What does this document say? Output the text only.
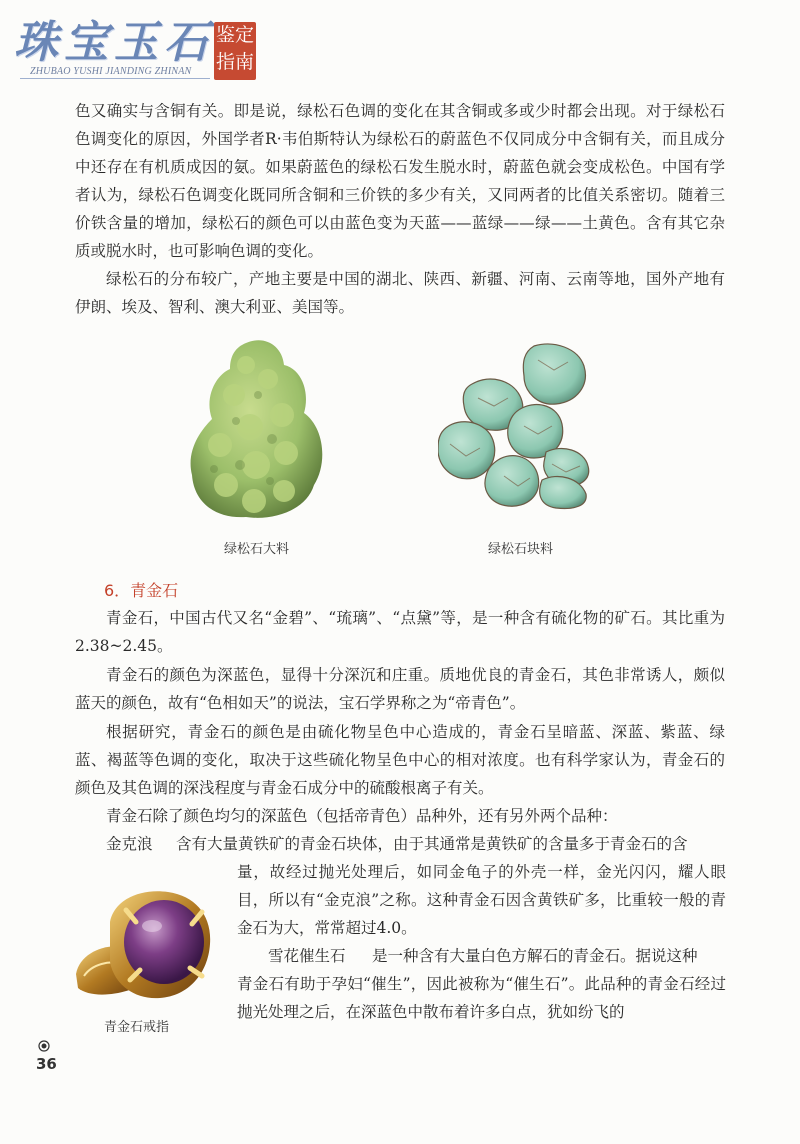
珠宝玉石 鉴定
指南
ZHUBAO YUSHI JIANDING ZHINAN

色又确实与含铜有关。即是说，绿松石色调的变化在其含铜或多或少时都会出现。对于绿松石色调变化的原因，外国学者R·韦伯斯特认为绿松石的蔚蓝色不仅同成分中含铜有关，而且成分中还存在有机质成因的氨。如果蔚蓝色的绿松石发生脱水时，蔚蓝色就会变成松色。中国有学者认为，绿松石色调变化既同所含铜和三价铁的多少有关，又同两者的比值关系密切。随着三价铁含量的增加，绿松石的颜色可以由蓝色变为天蓝——蓝绿——绿——土黄色。含有其它杂质或脱水时，也可影响色调的变化。

绿松石的分布较广，产地主要是中国的湖北、陕西、新疆、河南、云南等地，国外产地有伊朗、埃及、智利、澳大利亚、美国等。

绿松石大料	绿松石块料
6．青金石

青金石，中国古代又名“金碧”、“琉璃”、“点黛”等，是一种含有硫化物的矿石。其比重为2.38~2.45。

青金石的颜色为深蓝色，显得十分深沉和庄重。质地优良的青金石，其色非常诱人，颇似蓝天的颜色，故有“色相如天”的说法，宝石学界称之为“帝青色”。

根据研究，青金石的颜色是由硫化物呈色中心造成的，青金石呈暗蓝、深蓝、紫蓝、绿蓝、褐蓝等色调的变化，取决于这些硫化物呈色中心的相对浓度。也有科学家认为，青金石的颜色及其色调的深浅程度与青金石成分中的硫酸根离子有关。

青金石除了颜色均匀的深蓝色（包括帝青色）品种外，还有另外两个品种：

金克浪 含有大量黄铁矿的青金石块体，由于其通常是黄铁矿的含量多于青金石的含

量，故经过抛光处理后，如同金龟子的外壳一样，金光闪闪，耀人眼目，所以有“金克浪”之称。这种青金石因含黄铁矿多，比重较一般的青金石为大，常常超过4.0。

雪花催生石 是一种含有大量白色方解石的青金石。据说这种

青金石有助于孕妇“催生”，因此被称为“催生石”。此品种的青金石经过抛光处理之后，在深蓝色中散布着许多白点，犹如纷飞的

青金石戒指
36
